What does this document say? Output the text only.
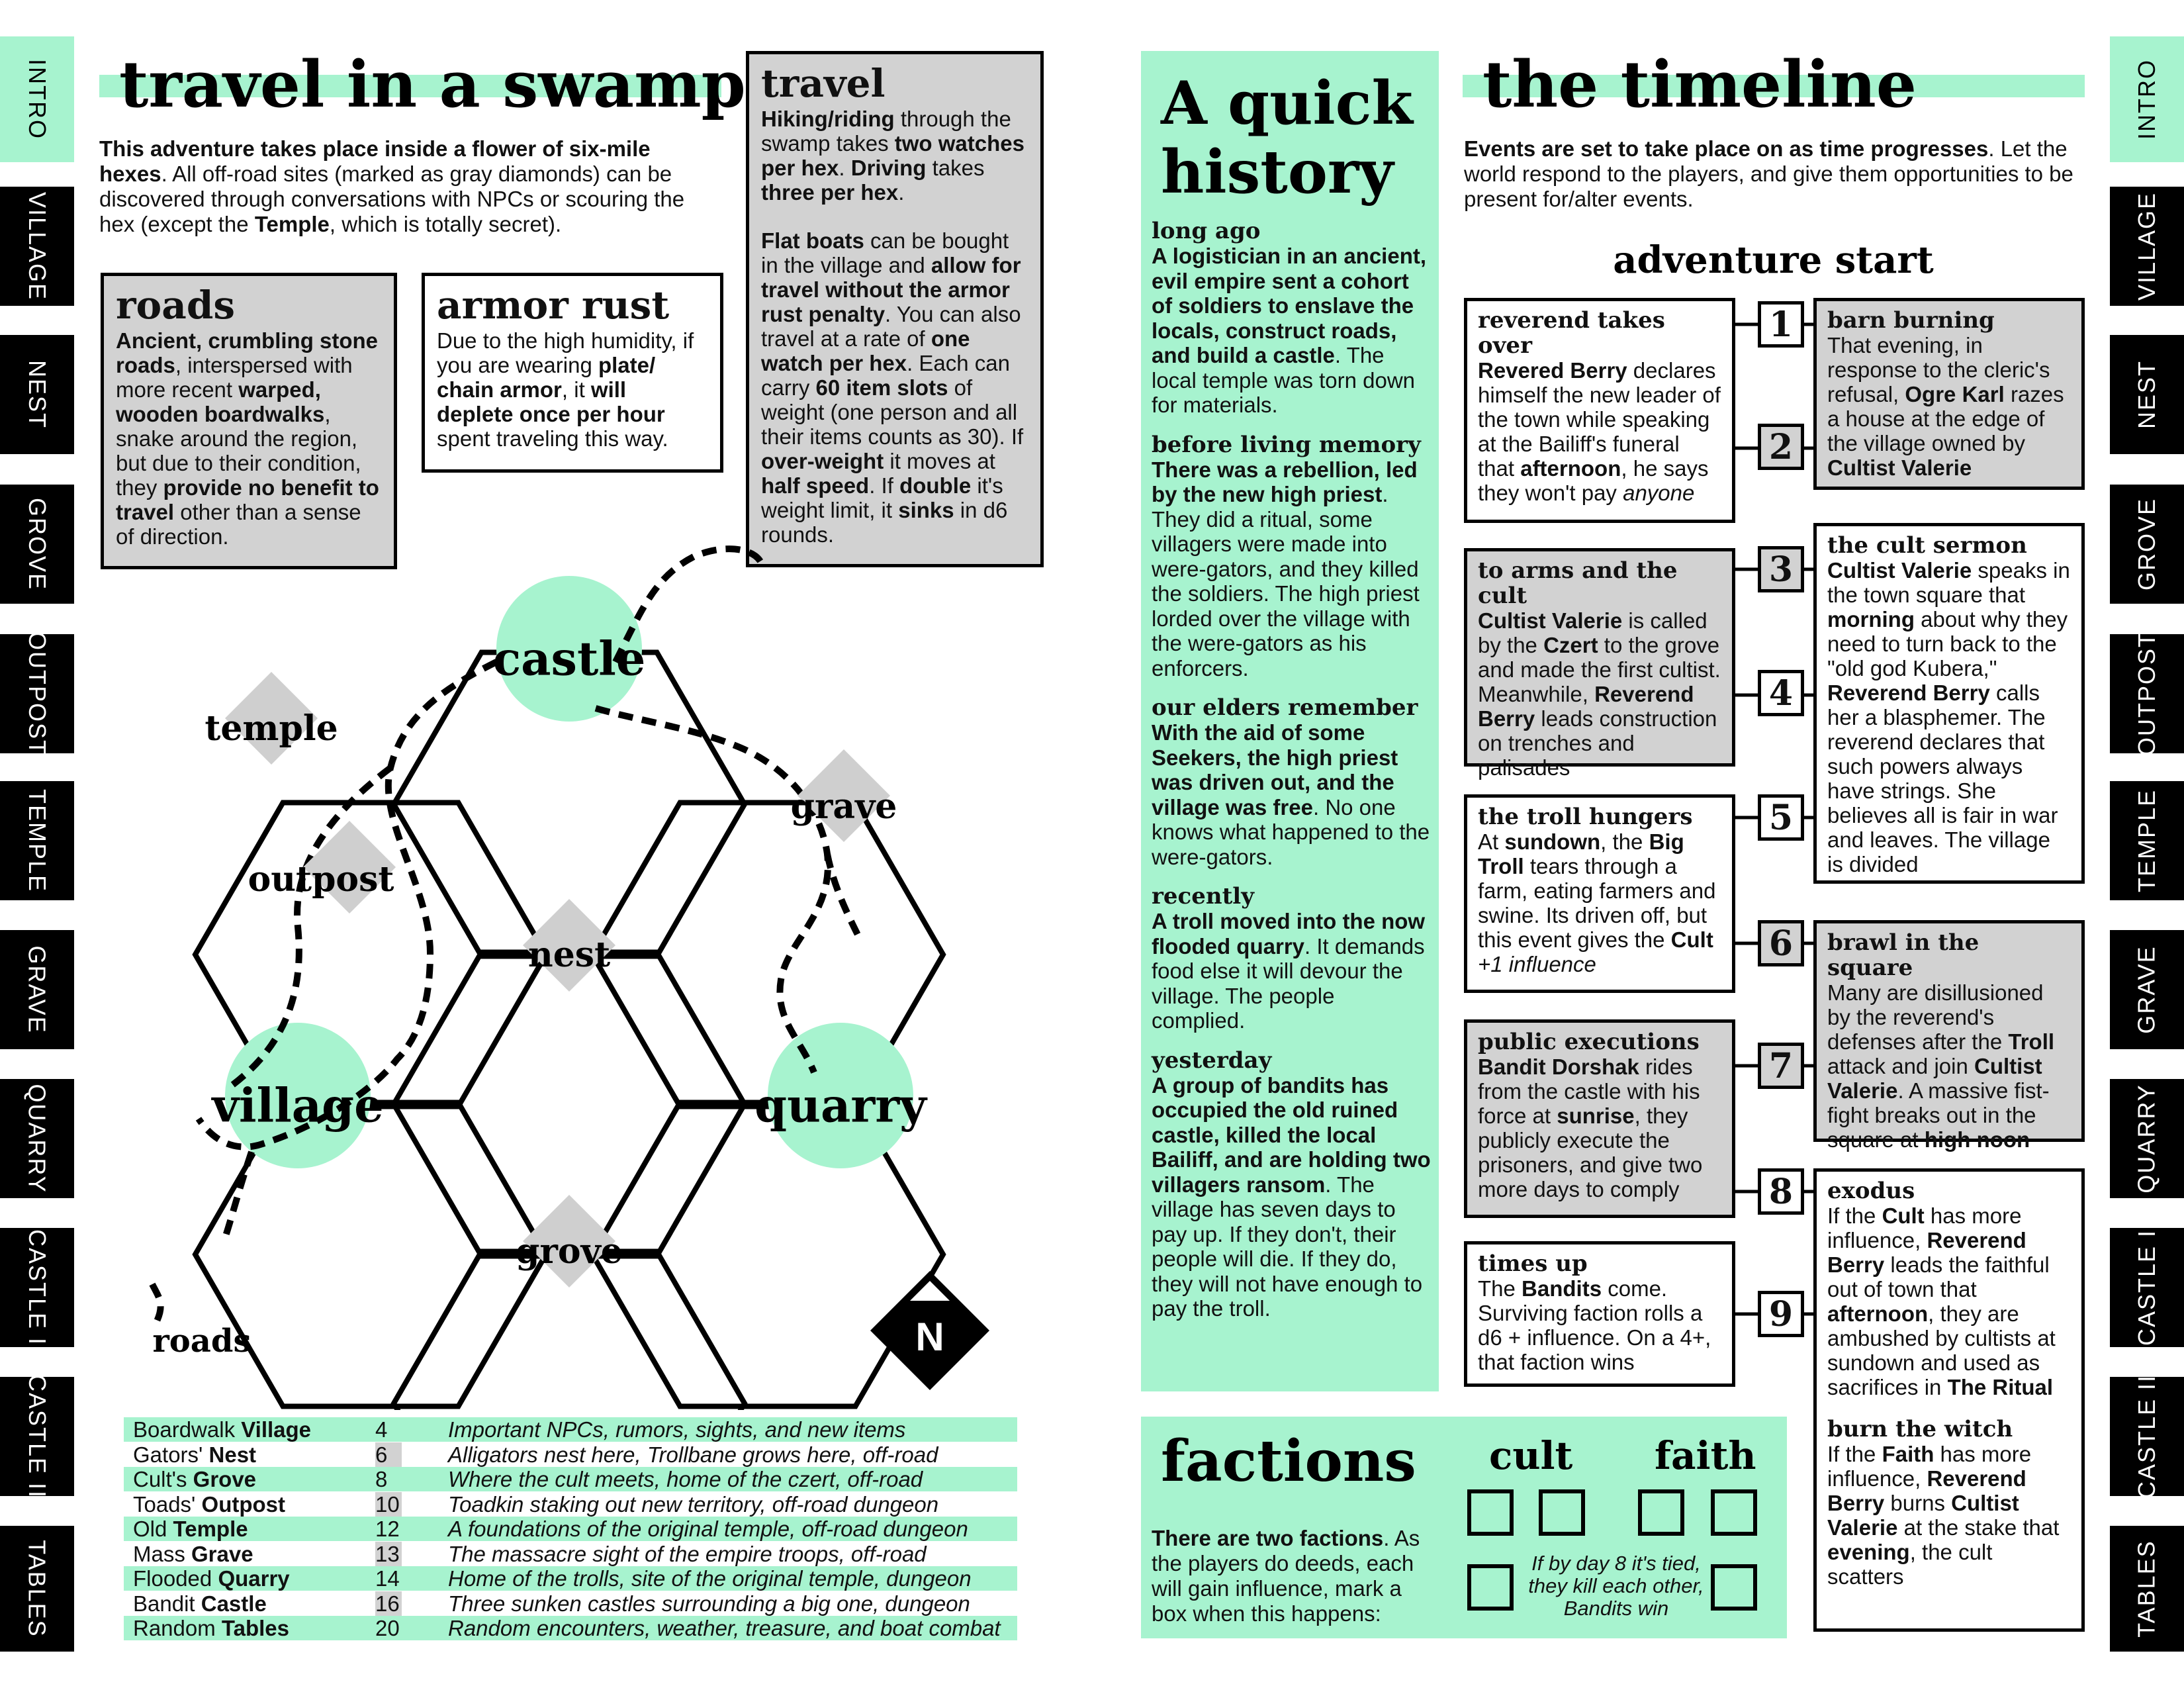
INTRO
VILLAGE
NEST
GROVE
OUTPOST
TEMPLE
GRAVE
QUARRY
CASTLE I
CASTLE II
TABLES
INTRO
VILLAGE
NEST
GROVE
OUTPOST
TEMPLE
GRAVE
QUARRY
CASTLE I
CASTLE II
TABLES
travel in a swamp
This adventure takes place inside a flower of six-mile hexes. All off-road sites (marked as gray diamonds) can be discovered through conversations with NPCs or scouring the hex (except the Temple, which is totally secret).
roads
Ancient, crumbling stone roads, interspersed with more recent warped, wooden boardwalks, snake around the region, but due to their condition, they provide no benefit to travel other than a sense of direction.
armor rust
Due to the high humidity, if you are wearing plate/ chain armor, it will deplete once per hour spent traveling this way.
travel
Hiking/riding through the swamp takes two watches per hex. Driving takes three per hex.
Flat boats can be bought in the village and allow for travel without the armor rust penalty. You can also travel at a rate of one watch per hex. Each can carry 60 item slots of weight (one person and all their items counts as 30). If over-weight it moves at half speed. If double it's weight limit, it sinks in d6 rounds.
castle
temple
outpost
grave
nest
village	quarry
grove
roads	N
Boardwalk Village	4	Important NPCs, rumors, sights, and new items
Gators' Nest	6	Alligators nest here, Trollbane grows here, off-road
Cult's Grove	8	Where the cult meets, home of the czert, off-road
Toads' Outpost	10 Toadkin staking out new territory, off-road dungeon
Old Temple	12	A foundations of the original temple, off-road dungeon
Mass Grave	13 The massacre sight of the empire troops, off-road
Flooded Quarry	14	Home of the trolls, site of the original temple, dungeon
Bandit Castle	16 Three sunken castles surrounding a big one, dungeon
Random Tables	20	Random encounters, weather, treasure, and boat combat
A quick
history
long ago

A logistician in an ancient, evil empire sent a cohort of soldiers to enslave the locals, construct roads, and build a castle. The local temple was torn down for materials.

before living memory

There was a rebellion, led by the new high priest. They did a ritual, some villagers were made into were-gators, and they killed the soldiers. The high priest lorded over the village with the were-gators as his enforcers.

our elders remember

With the aid of some Seekers, the high priest was driven out, and the village was free. No one knows what happened to the were-gators.

recently

A troll moved into the now flooded quarry. It demands food else it will devour the village. The people complied.

yesterday

A group of bandits has occupied the old ruined castle, killed the local Bailiff, and are holding two villagers ransom. The village has seven days to pay up. If they don't, their people will die. If they do, they will not have enough to pay the troll.

factions
There are two factions. As the players do deeds, each will gain influence, mark a box when this happens:
cult faith
If by day 8 it's tied, they kill each other, Bandits win
the timeline
Events are set to take place on as time progresses. Let the world respond to the players, and give them opportunities to be present for/alter events.
adventure start
reverend takes over

Revered Berry declares himself the new leader of the town while speaking at the Bailiff's funeral that afternoon, he says they won't pay anyone

1	barn burning

That evening, in response to the cleric's refusal, Ogre Karl razes a house at the edge of the village owned by Cultist Valerie

2
to arms and the cult

Cultist Valerie is called by the Czert to the grove and made the first cultist. Meanwhile, Reverend Berry leads construction on trenches and palisades

3
the cult sermon

Cultist Valerie speaks in the town square that morning about why they need to turn back to the "old god Kubera," Reverend Berry calls her a blasphemer. The reverend declares that such powers always have strings. She believes all is fair in war and leaves. The village is divided

4
the troll hungers

At sundown, the Big Troll tears through a farm, eating farmers and swine. Its driven off, but this event gives the Cult +1 influence

5
brawl in the square

Many are disillusioned by the reverend's defenses after the Troll attack and join Cultist Valerie. A massive fist-fight breaks out in the square at high noon

6
public executions

Bandit Dorshak rides from the castle with his force at sunrise, they publicly execute the prisoners, and give two more days to comply

7
exodus

If the Cult has more influence, Reverend Berry leads the faithful out of town that afternoon, they are ambushed by cultists at sundown and used as sacrifices in The Ritual

burn the witch

If the Faith has more influence, Reverend Berry burns Cultist Valerie at the stake that evening, the cult scatters

8
times up

The Bandits come. Surviving faction rolls a d6 + influence. On a 4+, that faction wins

9
